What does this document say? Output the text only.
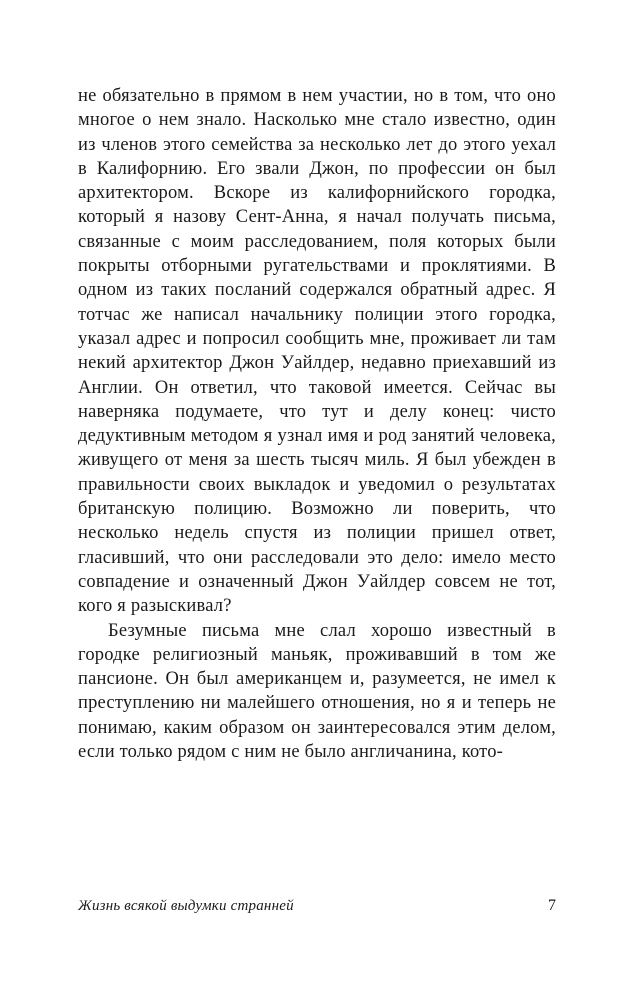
не обязательно в прямом в нем участии, но в том, что оно многое о нем знало. Насколько мне стало известно, один из членов этого семейства за несколько лет до этого уехал в Калифорнию. Его звали Джон, по профессии он был архитектором. Вскоре из калифорнийского городка, который я назову Сент-Анна, я начал получать письма, связанные с моим расследованием, поля которых были покрыты отборными ругательствами и проклятиями. В одном из таких посланий содержался обратный адрес. Я тотчас же написал начальнику полиции этого городка, указал адрес и попросил сообщить мне, проживает ли там некий архитектор Джон Уайлдер, недавно приехавший из Англии. Он ответил, что таковой имеется. Сейчас вы наверняка подумаете, что тут и делу конец: чисто дедуктивным методом я узнал имя и род занятий человека, живущего от меня за шесть тысяч миль. Я был убежден в правильности своих выкладок и уведомил о результатах британскую полицию. Возможно ли поверить, что несколько недель спустя из полиции пришел ответ, гласивший, что они расследовали это дело: имело место совпадение и означенный Джон Уайлдер совсем не тот, кого я разыскивал?

Безумные письма мне слал хорошо известный в городке религиозный маньяк, проживавший в том же пансионе. Он был американцем и, разумеется, не имел к преступлению ни малейшего отношения, но я и теперь не понимаю, каким образом он заинтересовался этим делом, если только рядом с ним не было англичанина, кото-

Жизнь всякой выдумки странней	7
